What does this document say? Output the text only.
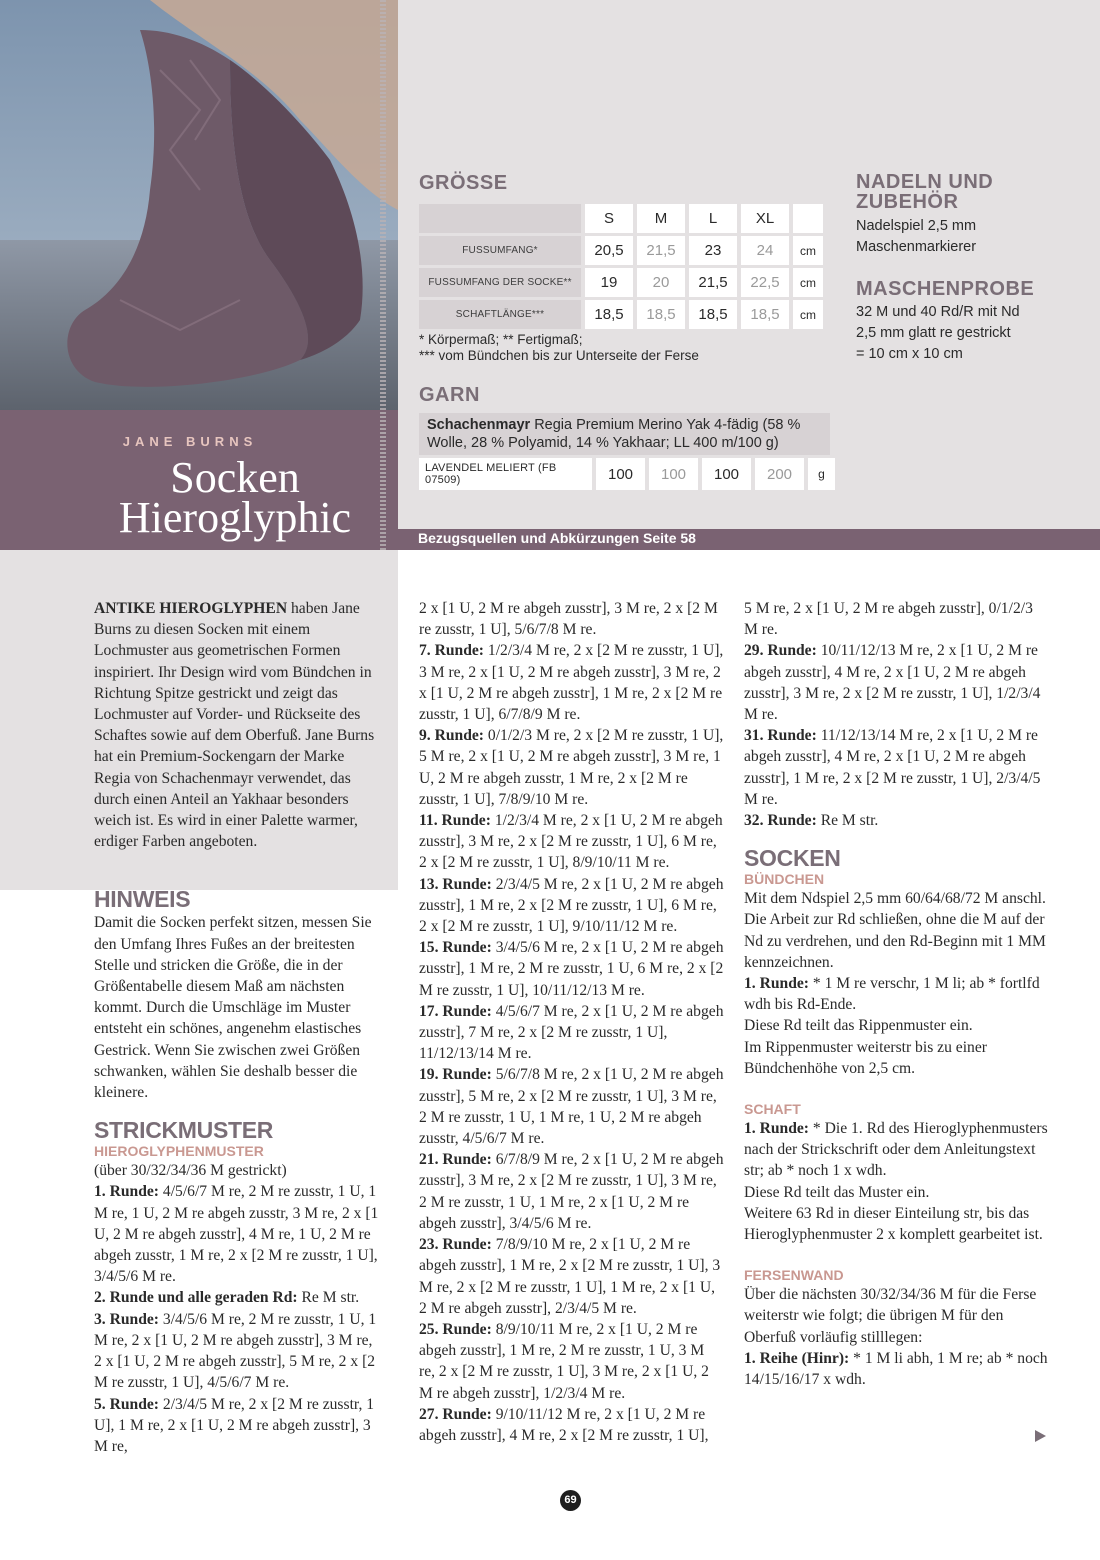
JANE BURNS
Socken
Hieroglyphic	Bezugsquellen und Abkürzungen Seite 58
GRÖSSE
	S	M	L	XL	
FUSSUMFANG*	20,5	21,5	23	24	cm
FUSSUMFANG DER SOCKE**	19	20	21,5	22,5	cm
SCHAFTLÄNGE***	18,5	18,5	18,5	18,5	cm
* Körpermaß; ** Fertigmaß;
*** vom Bündchen bis zur Unterseite der Ferse
GARN
Schachenmayr Regia Premium Merino Yak 4-fädig (58 % Wolle, 28 % Polyamid, 14 % Yakhaar; LL 400 m/100 g)
LAVENDEL MELIERT (FB 07509)	100	100	100	200	g
NADELN UND ZUBEHÖR
Nadelspiel 2,5 mm
Maschenmarkierer
MASCHENPROBE
32 M und 40 Rd/R mit Nd
2,5 mm glatt re gestrickt
= 10 cm x 10 cm

ANTIKE HIEROGLYPHEN haben Jane Burns zu diesen Socken mit einem Lochmuster aus geometrischen Formen inspiriert. Ihr Design wird vom Bündchen in Richtung Spitze gestrickt und zeigt das Lochmuster auf Vorder- und Rückseite des Schaftes sowie auf dem Oberfuß. Jane Burns hat ein Premium-Sockengarn der Marke Regia von Schachenmayr verwendet, das durch einen Anteil an Yakhaar besonders weich ist. Es wird in einer Palette warmer, erdiger Farben angeboten.

HINWEIS

Damit die Socken perfekt sitzen, messen Sie den Umfang Ihres Fußes an der breitesten Stelle und stricken die Größe, die in der Größentabelle diesem Maß am nächsten kommt. Durch die Umschläge im Muster entsteht ein schönes, angenehm elastisches Gestrick. Wenn Sie zwischen zwei Größen schwanken, wählen Sie deshalb besser die kleinere.

STRICKMUSTER
HIEROGLYPHENMUSTER

(über 30/32/34/36 M gestrickt)

1. Runde: 4/5/6/7 M re, 2 M re zusstr, 1 U, 1 M re, 1 U, 2 M re abgeh zusstr, 3 M re, 2 x [1 U, 2 M re abgeh zusstr], 4 M re, 1 U, 2 M re abgeh zusstr, 1 M re, 2 x [2 M re zusstr, 1 U], 3/4/5/6 M re.

2. Runde und alle geraden Rd: Re M str.

3. Runde: 3/4/5/6 M re, 2 M re zusstr, 1 U, 1 M re, 2 x [1 U, 2 M re abgeh zusstr], 3 M re, 2 x [1 U, 2 M re abgeh zusstr], 5 M re, 2 x [2 M re zusstr, 1 U], 4/5/6/7 M re.

5. Runde: 2/3/4/5 M re, 2 x [2 M re zusstr, 1 U], 1 M re, 2 x [1 U, 2 M re abgeh zusstr], 3 M re,

2 x [1 U, 2 M re abgeh zusstr], 3 M re, 2 x [2 M re zusstr, 1 U], 5/6/7/8 M re.

7. Runde: 1/2/3/4 M re, 2 x [2 M re zusstr, 1 U], 3 M re, 2 x [1 U, 2 M re abgeh zusstr], 3 M re, 2 x [1 U, 2 M re abgeh zusstr], 1 M re, 2 x [2 M re zusstr, 1 U], 6/7/8/9 M re.

9. Runde: 0/1/2/3 M re, 2 x [2 M re zusstr, 1 U], 5 M re, 2 x [1 U, 2 M re abgeh zusstr], 3 M re, 1 U, 2 M re abgeh zusstr, 1 M re, 2 x [2 M re zusstr, 1 U], 7/8/9/10 M re.

11. Runde: 1/2/3/4 M re, 2 x [1 U, 2 M re abgeh zusstr], 3 M re, 2 x [2 M re zusstr, 1 U], 6 M re, 2 x [2 M re zusstr, 1 U], 8/9/10/11 M re.

13. Runde: 2/3/4/5 M re, 2 x [1 U, 2 M re abgeh zusstr], 1 M re, 2 x [2 M re zusstr, 1 U], 6 M re, 2 x [2 M re zusstr, 1 U], 9/10/11/12 M re.

15. Runde: 3/4/5/6 M re, 2 x [1 U, 2 M re abgeh zusstr], 1 M re, 2 M re zusstr, 1 U, 6 M re, 2 x [2 M re zusstr, 1 U], 10/11/12/13 M re.

17. Runde: 4/5/6/7 M re, 2 x [1 U, 2 M re abgeh zusstr], 7 M re, 2 x [2 M re zusstr, 1 U], 11/12/13/14 M re.

19. Runde: 5/6/7/8 M re, 2 x [1 U, 2 M re abgeh zusstr], 5 M re, 2 x [2 M re zusstr, 1 U], 3 M re, 2 M re zusstr, 1 U, 1 M re, 1 U, 2 M re abgeh zusstr, 4/5/6/7 M re.

21. Runde: 6/7/8/9 M re, 2 x [1 U, 2 M re abgeh zusstr], 3 M re, 2 x [2 M re zusstr, 1 U], 3 M re, 2 M re zusstr, 1 U, 1 M re, 2 x [1 U, 2 M re abgeh zusstr], 3/4/5/6 M re.

23. Runde: 7/8/9/10 M re, 2 x [1 U, 2 M re abgeh zusstr], 1 M re, 2 x [2 M re zusstr, 1 U], 3 M re, 2 x [2 M re zusstr, 1 U], 1 M re, 2 x [1 U, 2 M re abgeh zusstr], 2/3/4/5 M re.

25. Runde: 8/9/10/11 M re, 2 x [1 U, 2 M re abgeh zusstr], 1 M re, 2 M re zusstr, 1 U, 3 M re, 2 x [2 M re zusstr, 1 U], 3 M re, 2 x [1 U, 2 M re abgeh zusstr], 1/2/3/4 M re.

27. Runde: 9/10/11/12 M re, 2 x [1 U, 2 M re abgeh zusstr], 4 M re, 2 x [2 M re zusstr, 1 U],

5 M re, 2 x [1 U, 2 M re abgeh zusstr], 0/1/2/3 M re.

29. Runde: 10/11/12/13 M re, 2 x [1 U, 2 M re abgeh zusstr], 4 M re, 2 x [1 U, 2 M re abgeh zusstr], 3 M re, 2 x [2 M re zusstr, 1 U], 1/2/3/4 M re.

31. Runde: 11/12/13/14 M re, 2 x [1 U, 2 M re abgeh zusstr], 4 M re, 2 x [1 U, 2 M re abgeh zusstr], 1 M re, 2 x [2 M re zusstr, 1 U], 2/3/4/5 M re.

32. Runde: Re M str.

SOCKEN
BÜNDCHEN

Mit dem Ndspiel 2,5 mm 60/64/68/72 M anschl.

Die Arbeit zur Rd schließen, ohne die M auf der Nd zu verdrehen, und den Rd-Beginn mit 1 MM kennzeichnen.

1. Runde: * 1 M re verschr, 1 M li; ab * fortlfd wdh bis Rd-Ende.

Diese Rd teilt das Rippenmuster ein.

Im Rippenmuster weiterstr bis zu einer Bündchenhöhe von 2,5 cm.

SCHAFT

1. Runde: * Die 1. Rd des Hieroglyphenmusters nach der Strickschrift oder dem Anleitungstext str; ab * noch 1 x wdh.

Diese Rd teilt das Muster ein.

Weitere 63 Rd in dieser Einteilung str, bis das Hieroglyphenmuster 2 x komplett gearbeitet ist.

FERSENWAND

Über die nächsten 30/32/34/36 M für die Ferse weiterstr wie folgt; die übrigen M für den Oberfuß vorläufig stilllegen:

1. Reihe (Hinr): * 1 M li abh, 1 M re; ab * noch 14/15/16/17 x wdh.

69
